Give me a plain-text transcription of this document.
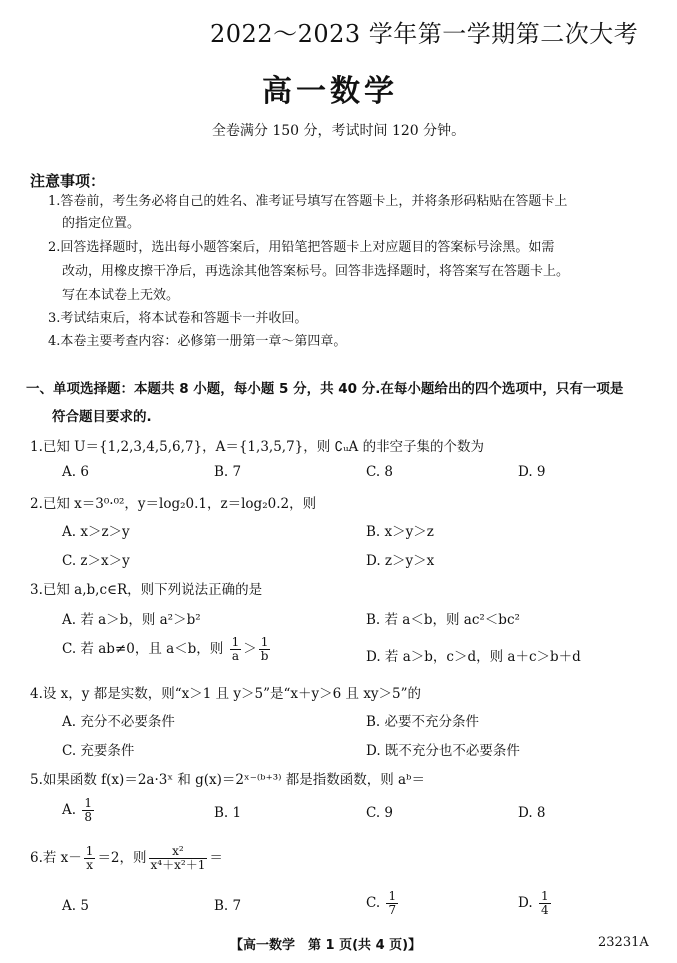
2022～2023 学年第一学期第二次大考
高一数学
全卷满分 150 分，考试时间 120 分钟。
注意事项：
1.答卷前，考生务必将自己的姓名、准考证号填写在答题卡上，并将条形码粘贴在答题卡上
的指定位置。
2.回答选择题时，选出每小题答案后，用铅笔把答题卡上对应题目的答案标号涂黑。如需
改动，用橡皮擦干净后，再选涂其他答案标号。回答非选择题时，将答案写在答题卡上。
写在本试卷上无效。
3.考试结束后，将本试卷和答题卡一并收回。
4.本卷主要考查内容：必修第一册第一章～第四章。
一、单项选择题：本题共 8 小题，每小题 5 分，共 40 分.在每小题给出的四个选项中，只有一项是
符合题目要求的.
1.已知 U＝{1,2,3,4,5,6,7}，A＝{1,3,5,7}，则 ∁ᵤA 的非空子集的个数为
A. 6	B. 7	C. 8	D. 9
2.已知 x＝3⁰·⁰²，y＝log₂0.1，z＝log₂0.2，则
A. x＞z＞y	B. x＞y＞z
C. z＞x＞y	D. z＞y＞x
3.已知 a,b,c∈R，则下列说法正确的是
A. 若 a＞b，则 a²＞b²	B. 若 a＜b，则 ac²＜bc²
C. 若 ab≠0，且 a＜b，则 $\frac{1}{a} > \frac{1}{b}$	D. 若 a＞b，c＞d，则 a＋c＞b＋d
4.设 x，y 都是实数，则“x＞1 且 y＞5”是“x＋y＞6 且 xy＞5”的
A. 充分不必要条件	B. 必要不充分条件
C. 充要条件	D. 既不充分也不必要条件
5.如果函数 f(x)＝2a·3ˣ 和 g(x)＝2ˣ⁻⁽ᵇ⁺³⁾ 都是指数函数，则 aᵇ＝
A. $\frac{1}{8}$	B. 1	C. 9	D. 8
6.若 $x- \frac{1}{x} =2$，则 $\frac{\text{x²}}{\text{x⁴＋x²＋1}}$ ＝
A. 5	B. 7	C. $\frac{1}{7}$	D. $\frac{1}{4}$
【高一数学　第 1 页(共 4 页)】	23231A
